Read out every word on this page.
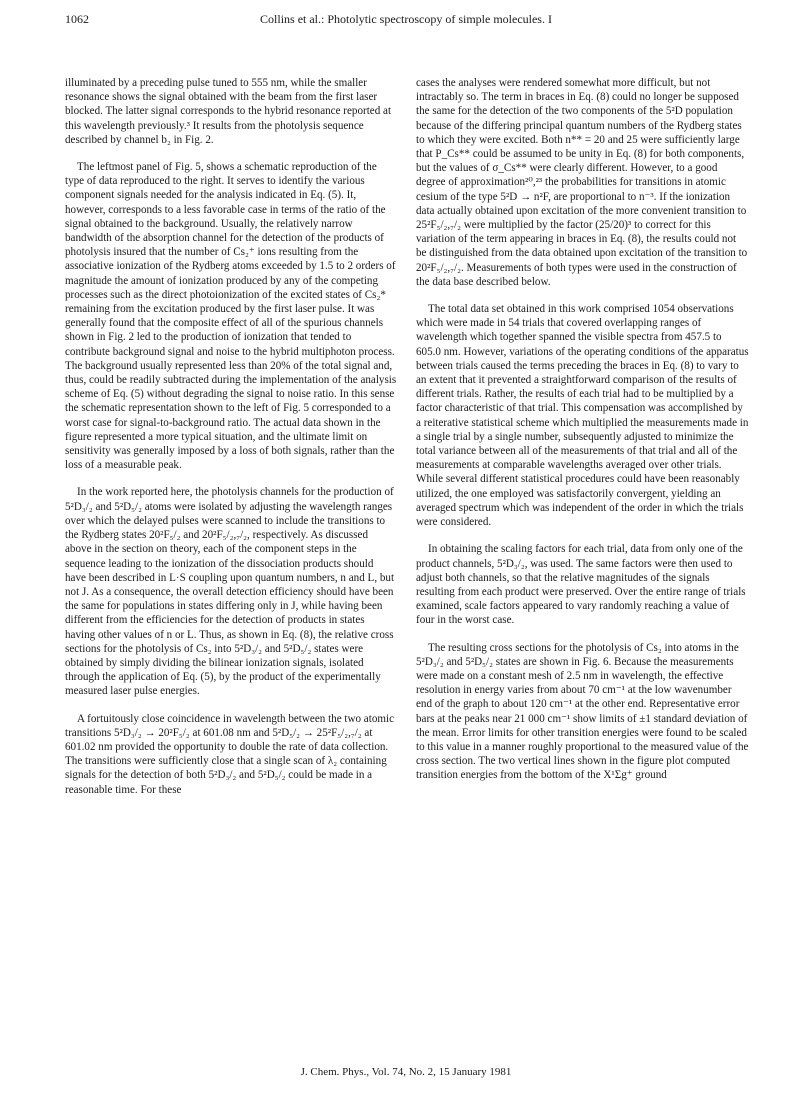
1062	Collins et al.: Photolytic spectroscopy of simple molecules. I

illuminated by a preceding pulse tuned to 555 nm, while the smaller resonance shows the signal obtained with the beam from the first laser blocked. The latter signal corresponds to the hybrid resonance reported at this wavelength previously.³ It results from the photolysis sequence described by channel b₂ in Fig. 2.

The leftmost panel of Fig. 5, shows a schematic reproduction of the type of data reproduced to the right. It serves to identify the various component signals needed for the analysis indicated in Eq. (5). It, however, corresponds to a less favorable case in terms of the ratio of the signal obtained to the background. Usually, the relatively narrow bandwidth of the absorption channel for the detection of the products of photolysis insured that the number of Cs₂⁺ ions resulting from the associative ionization of the Rydberg atoms exceeded by 1.5 to 2 orders of magnitude the amount of ionization produced by any of the competing processes such as the direct photoionization of the excited states of Cs₂* remaining from the excitation produced by the first laser pulse. It was generally found that the composite effect of all of the spurious channels shown in Fig. 2 led to the production of ionization that tended to contribute background signal and noise to the hybrid multiphoton process. The background usually represented less than 20% of the total signal and, thus, could be readily subtracted during the implementation of the analysis scheme of Eq. (5) without degrading the signal to noise ratio. In this sense the schematic representation shown to the left of Fig. 5 corresponded to a worst case for signal-to-background ratio. The actual data shown in the figure represented a more typical situation, and the ultimate limit on sensitivity was generally imposed by a loss of both signals, rather than the loss of a measurable peak.

In the work reported here, the photolysis channels for the production of 5²D₃/₂ and 5²D₅/₂ atoms were isolated by adjusting the wavelength ranges over which the delayed pulses were scanned to include the transitions to the Rydberg states 20²F₅/₂ and 20²F₅/₂,₇/₂, respectively. As discussed above in the section on theory, each of the component steps in the sequence leading to the ionization of the dissociation products should have been described in L·S coupling upon quantum numbers, n and L, but not J. As a consequence, the overall detection efficiency should have been the same for populations in states differing only in J, while having been different from the efficiencies for the detection of products in states having other values of n or L. Thus, as shown in Eq. (8), the relative cross sections for the photolysis of Cs₂ into 5²D₃/₂ and 5²D₅/₂ states were obtained by simply dividing the bilinear ionization signals, isolated through the application of Eq. (5), by the product of the experimentally measured laser pulse energies.

A fortuitously close coincidence in wavelength between the two atomic transitions 5²D₃/₂ → 20²F₅/₂ at 601.08 nm and 5²D₅/₂ → 25²F₅/₂,₇/₂ at 601.02 nm provided the opportunity to double the rate of data collection. The transitions were sufficiently close that a single scan of λ₂ containing signals for the detection of both 5²D₃/₂ and 5²D₅/₂ could be made in a reasonable time. For these

cases the analyses were rendered somewhat more difficult, but not intractably so. The term in braces in Eq. (8) could no longer be supposed the same for the detection of the two components of the 5²D population because of the differing principal quantum numbers of the Rydberg states to which they were excited. Both n** = 20 and 25 were sufficiently large that P_Cs** could be assumed to be unity in Eq. (8) for both components, but the values of σ_Cs** were clearly different. However, to a good degree of approximation²⁰,²³ the probabilities for transitions in atomic cesium of the type 5²D → n²F, are proportional to n⁻³. If the ionization data actually obtained upon excitation of the more convenient transition to 25²F₅/₂,₇/₂ were multiplied by the factor (25/20)³ to correct for this variation of the term appearing in braces in Eq. (8), the results could not be distinguished from the data obtained upon excitation of the transition to 20²F₅/₂,₇/₂. Measurements of both types were used in the construction of the data base described below.

The total data set obtained in this work comprised 1054 observations which were made in 54 trials that covered overlapping ranges of wavelength which together spanned the visible spectra from 457.5 to 605.0 nm. However, variations of the operating conditions of the apparatus between trials caused the terms preceding the braces in Eq. (8) to vary to an extent that it prevented a straightforward comparison of the results of different trials. Rather, the results of each trial had to be multiplied by a factor characteristic of that trial. This compensation was accomplished by a reiterative statistical scheme which multiplied the measurements made in a single trial by a single number, subsequently adjusted to minimize the total variance between all of the measurements of that trial and all of the measurements at comparable wavelengths averaged over other trials. While several different statistical procedures could have been reasonably utilized, the one employed was satisfactorily convergent, yielding an averaged spectrum which was independent of the order in which the trials were considered.

In obtaining the scaling factors for each trial, data from only one of the product channels, 5²D₃/₂, was used. The same factors were then used to adjust both channels, so that the relative magnitudes of the signals resulting from each product were preserved. Over the entire range of trials examined, scale factors appeared to vary randomly reaching a value of four in the worst case.

The resulting cross sections for the photolysis of Cs₂ into atoms in the 5²D₃/₂ and 5²D₅/₂ states are shown in Fig. 6. Because the measurements were made on a constant mesh of 2.5 nm in wavelength, the effective resolution in energy varies from about 70 cm⁻¹ at the low wavenumber end of the graph to about 120 cm⁻¹ at the other end. Representative error bars at the peaks near 21 000 cm⁻¹ show limits of ±1 standard deviation of the mean. Error limits for other transition energies were found to be scaled to this value in a manner roughly proportional to the measured value of the cross section. The two vertical lines shown in the figure plot computed transition energies from the bottom of the X¹Σg⁺ ground

J. Chem. Phys., Vol. 74, No. 2, 15 January 1981
